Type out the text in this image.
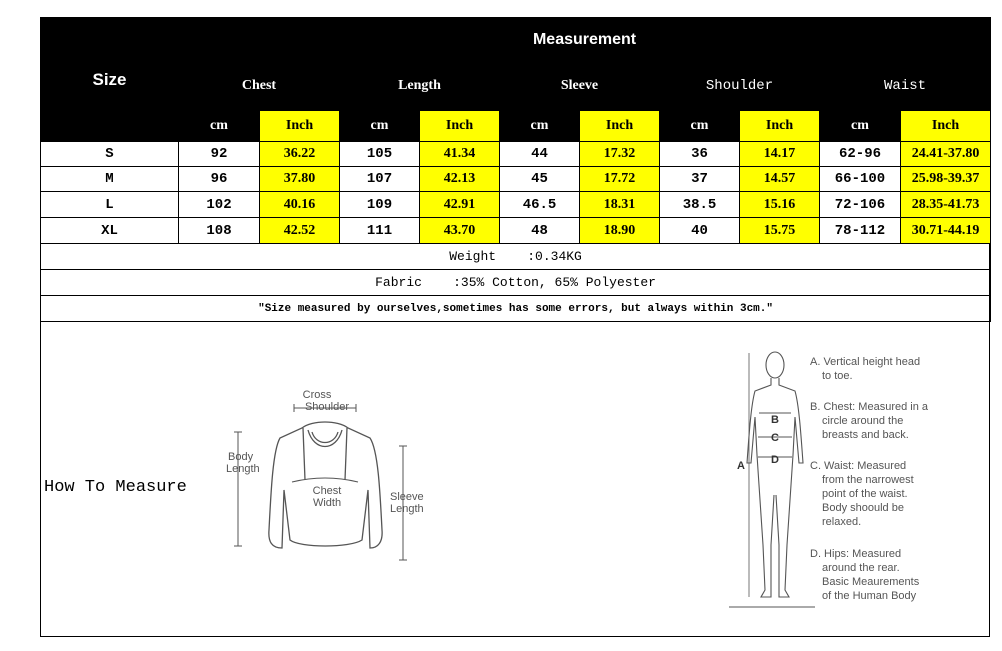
Size	Measurement									
	Chest		Length		Sleeve		Shoulder		Waist	
	cm	Inch	cm	Inch	cm	Inch	cm	Inch	cm	Inch
S	92	36.22	105	41.34	44	17.32	36	14.17	62-96	24.41-37.80
M	96	37.80	107	42.13	45	17.72	37	14.57	66-100	25.98-39.37
L	102	40.16	109	42.91	46.5	18.31	38.5	15.16	72-106	28.35-41.73
XL	108	42.52	111	43.70	48	18.90	40	15.75	78-112	30.71-44.19
Weight    :0.34KG										
Fabric    :35% Cotton, 65% Polyester										
"Size measured by ourselves,sometimes has some errors, but always within 3cm."										
How To Measure
Cross
Shoulder
Body
Length
Chest
Width	Sleeve
Length
A
B
C
D
A. Vertical height head
to toe.
B. Chest: Measured in a
circle around the
breasts and back.
C. Waist: Measured
from the narrowest
point of the waist.
Body shoould be
relaxed.
D. Hips: Measured
around the rear.
Basic Meaurements
of the Human Body
